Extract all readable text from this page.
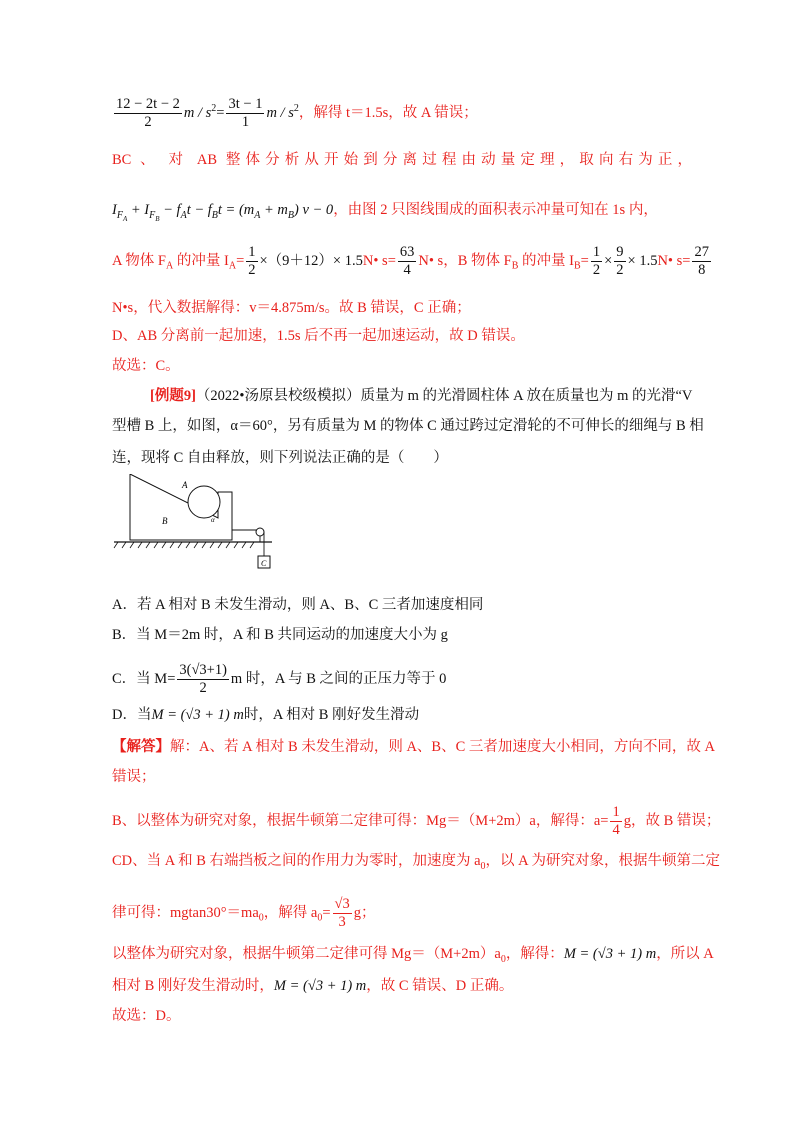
$\frac{12 - 2t - 2}{2}$ $m / s^2= \frac{3t - 1}{1}$ m / $s^2$，解得 t＝1.5s，故 A 错误；
BC 、 对 AB 整体分析从开始到分离过程由动量定理，取向右为正，
$I_{F_A} + I_{F_B} - f_At - f_Bt = (m_A + m_B) v - 0$，由图 2 只图线围成的面积表示冲量可知在 1s 内，
A 物体 $F_A$ 的冲量 $I_A= \frac{1}{2} \times(9+12)\times$ 1.5N• $s= \frac{63}{4}$ N• s，B 物体 $F_B$ 的冲量 $I_B= \frac{1}{2} \times \frac{9}{2}$ × 1.5N• $s= \frac{27}{8}$
N•s，代入数据解得：v＝4.875m/s。故 B 错误，C 正确；
D、AB 分离前一起加速，1.5s 后不再一起加速运动，故 D 错误。
故选：C。
[例题9]（2022•汤原县校级模拟）质量为 m 的光滑圆柱体 A 放在质量也为 m 的光滑“V
型槽 B 上，如图，α＝60°，另有质量为 M 的物体 C 通过跨过定滑轮的不可伸长的细绳与 B 相
连，现将 C 自由释放，则下列说法正确的是（　　）
A
B
C
α
A．若 A 相对 B 未发生滑动，则 A、B、C 三者加速度相同
B．当 M＝2m 时，A 和 B 共同运动的加速度大小为 g
C．当 $M= \frac{3(√3+1)}{2}$ m 时，A 与 B 之间的正压力等于 0
D．当M = (√3 + 1) m时，A 相对 B 刚好发生滑动
【解答】解：A、若 A 相对 B 未发生滑动，则 A、B、C 三者加速度大小相同，方向不同，故 A
错误；
B、以整体为研究对象，根据牛顿第二定律可得：Mg＝（M+2m）a，解得：$a= \frac{1}{4}$ g，故 B 错误；
CD、当 A 和 B 右端挡板之间的作用力为零时，加速度为 $a_0$，以 A 为研究对象，根据牛顿第二定
律可得：$mgtan30^\circ=ma_0$，解得 $a_0= \frac{√3}{3}$ g；
以整体为研究对象，根据牛顿第二定律可得 $Mg=(M+2m)a_0$，解得：M = (√3 + 1) m，所以 A
相对 B 刚好发生滑动时，M = (√3 + 1) m，故 C 错误、D 正确。
故选：D。
